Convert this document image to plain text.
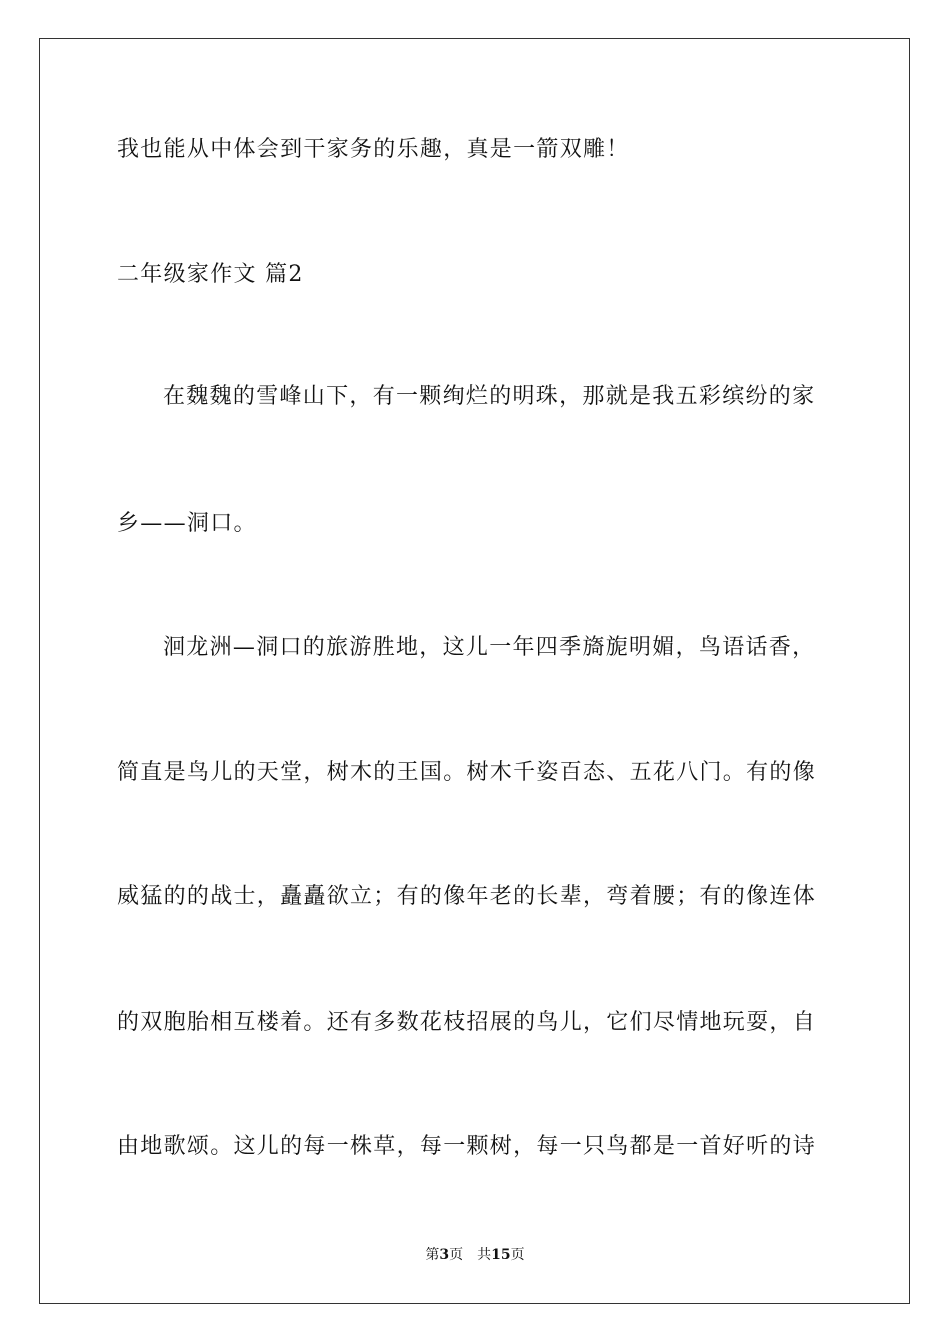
我也能从中体会到干家务的乐趣，真是一箭双雕！
二年级家作文 篇2
在魏魏的雪峰山下，有一颗绚烂的明珠，那就是我五彩缤纷的家
乡——洞口。
洄龙洲—洞口的旅游胜地，这儿一年四季旖旎明媚，鸟语话香，
简直是鸟儿的天堂，树木的王国。树木千姿百态、五花八门。有的像
威猛的的战士，矗矗欲立；有的像年老的长辈，弯着腰；有的像连体
的双胞胎相互楼着。还有多数花枝招展的鸟儿，它们尽情地玩耍，自
由地歌颂。这儿的每一株草，每一颗树，每一只鸟都是一首好听的诗
第3页 共15页
